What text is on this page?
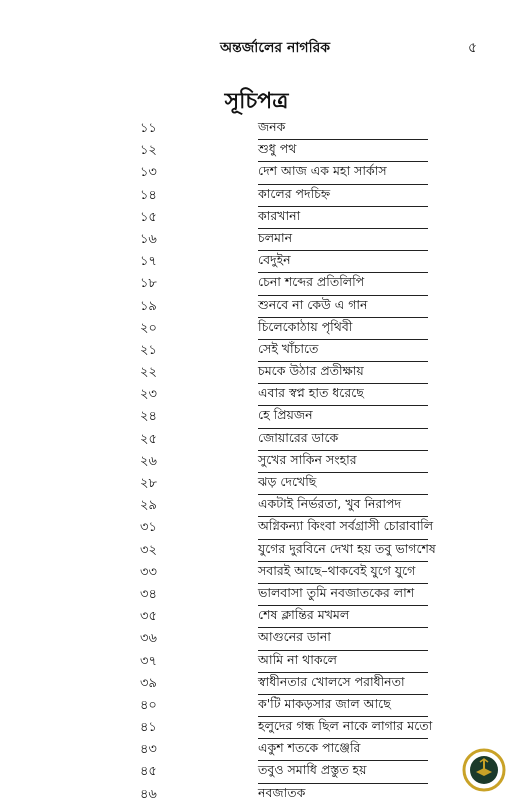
অন্তর্জালের নাগরিক	৫
সূচিপত্র
১১	জনক
১২	শুধু পথ
১৩	দেশ আজ এক মহা সার্কাস
১৪	কালের পদচিহ্ন
১৫	কারখানা
১৬	চলমান
১৭	বেদুইন
১৮	চেনা শব্দের প্রতিলিপি
১৯	শুনবে না কেউ এ গান
২০	চিলেকোঠায় পৃথিবী
২১	সেই খাঁচাতে
২২	চমকে উঠার প্রতীক্ষায়
২৩	এবার স্বপ্ন হাত ধরেছে
২৪	হে প্রিয়জন
২৫	জোয়ারের ডাকে
২৬	সুখের সাকিন সংহার
২৮	ঝড় দেখেছি
২৯	একটাই নির্ভরতা, খুব নিরাপদ
৩১	অগ্নিকন্যা কিংবা সর্বগ্রাসী চোরাবালি
৩২	যুগের দুরবিনে দেখা হয় তবু ভাগশেষ
৩৩	সবারই আছে–থাকবেই যুগে যুগে
৩৪	ভালবাসা তুমি নবজাতকের লাশ
৩৫	শেষ ক্লান্তির মখমল
৩৬	আগুনের ডানা
৩৭	আমি না থাকলে
৩৯	স্বাধীনতার খোলসে পরাধীনতা
৪০	ক'টি মাকড়সার জাল আছে
৪১	হলুদের গন্ধ ছিল নাকে লাগার মতো
৪৩	একুশ শতকে পাঞ্জেরি
৪৫	তবুও সমাধি প্রস্তুত হয়
৪৬	নবজাতক
